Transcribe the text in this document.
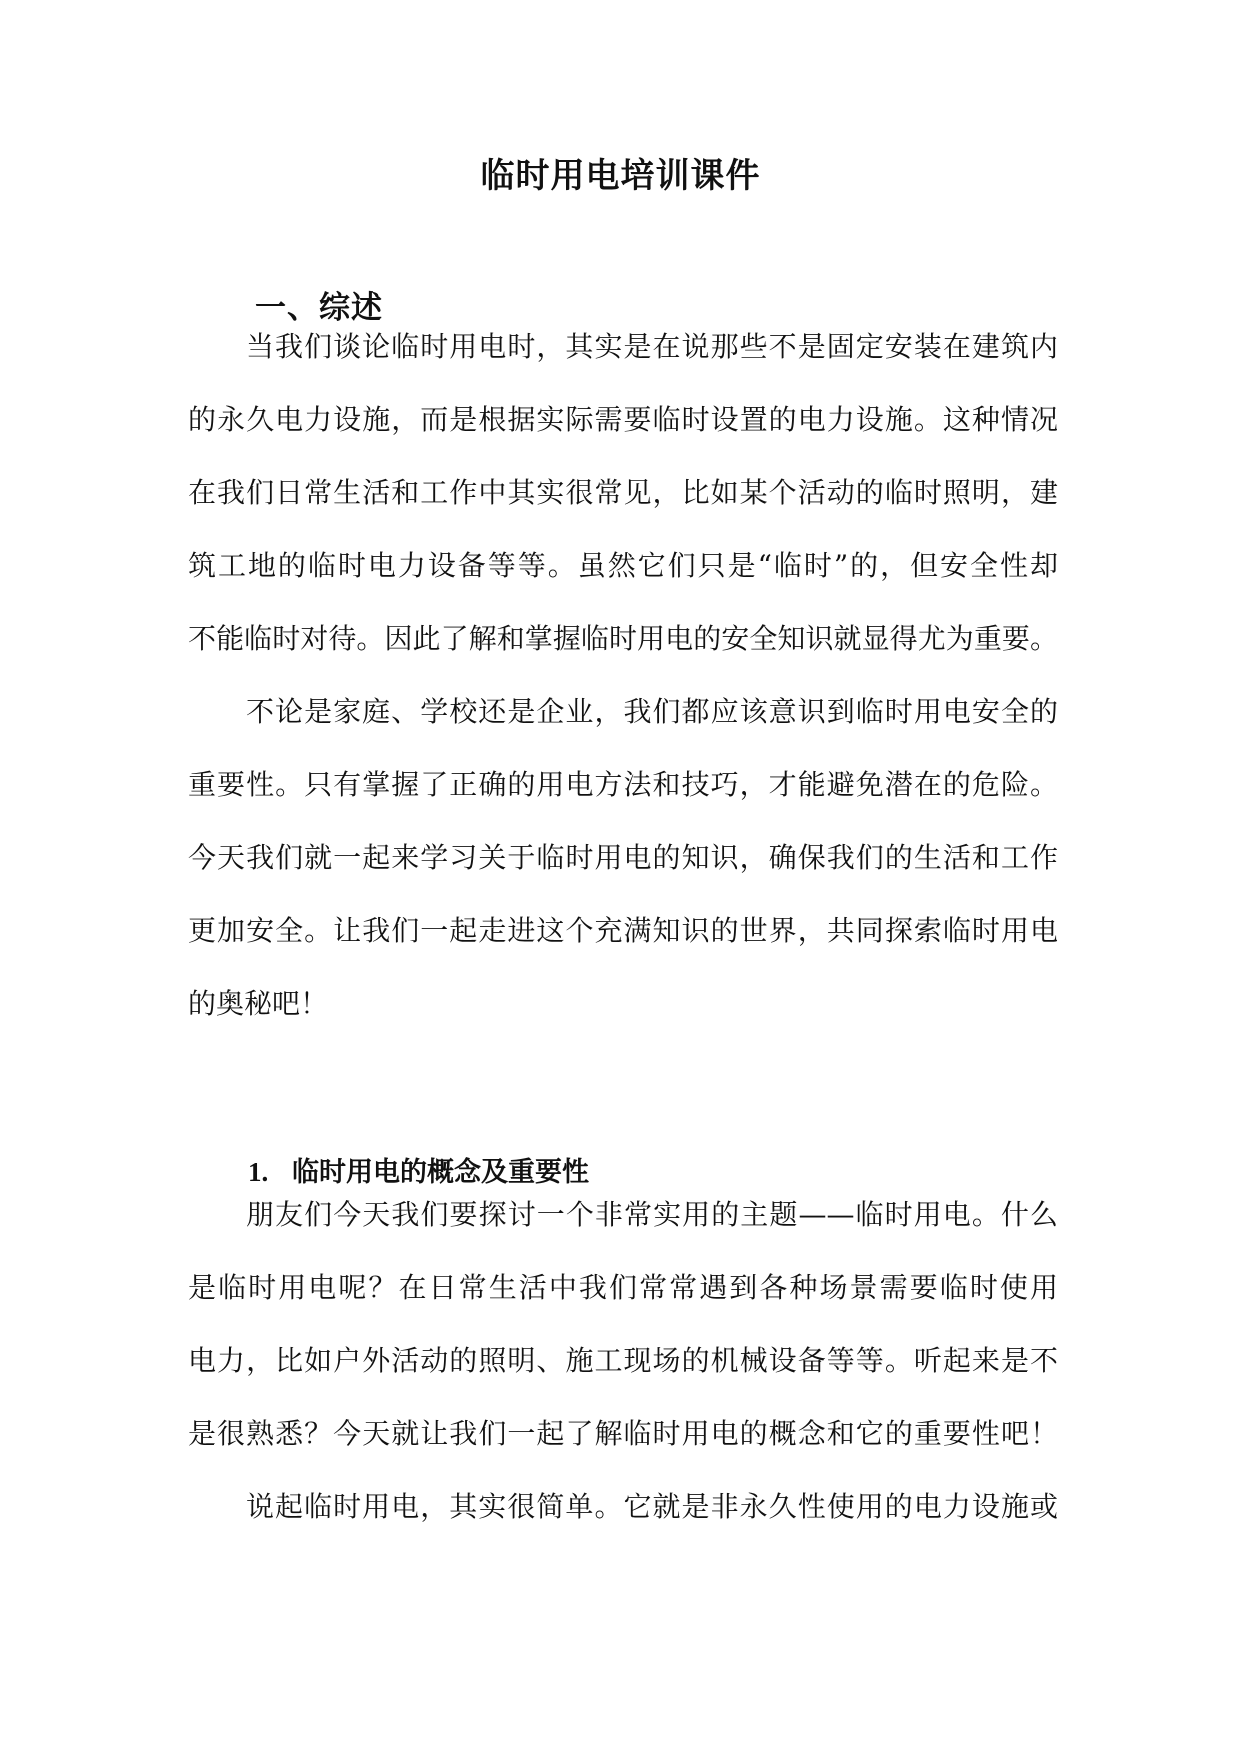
临时用电培训课件
一、综述
当我们谈论临时用电时，其实是在说那些不是固定安装在建筑内
的永久电力设施，而是根据实际需要临时设置的电力设施。这种情况
在我们日常生活和工作中其实很常见，比如某个活动的临时照明，建
筑工地的临时电力设备等等。虽然它们只是“临时”的，但安全性却
不能临时对待。因此了解和掌握临时用电的安全知识就显得尤为重要。
不论是家庭、学校还是企业，我们都应该意识到临时用电安全的
重要性。只有掌握了正确的用电方法和技巧，才能避免潜在的危险。
今天我们就一起来学习关于临时用电的知识，确保我们的生活和工作
更加安全。让我们一起走进这个充满知识的世界，共同探索临时用电
的奥秘吧！
1. 临时用电的概念及重要性
朋友们今天我们要探讨一个非常实用的主题——临时用电。什么
是临时用电呢？在日常生活中我们常常遇到各种场景需要临时使用
电力，比如户外活动的照明、施工现场的机械设备等等。听起来是不
是很熟悉？今天就让我们一起了解临时用电的概念和它的重要性吧！
说起临时用电，其实很简单。它就是非永久性使用的电力设施或
